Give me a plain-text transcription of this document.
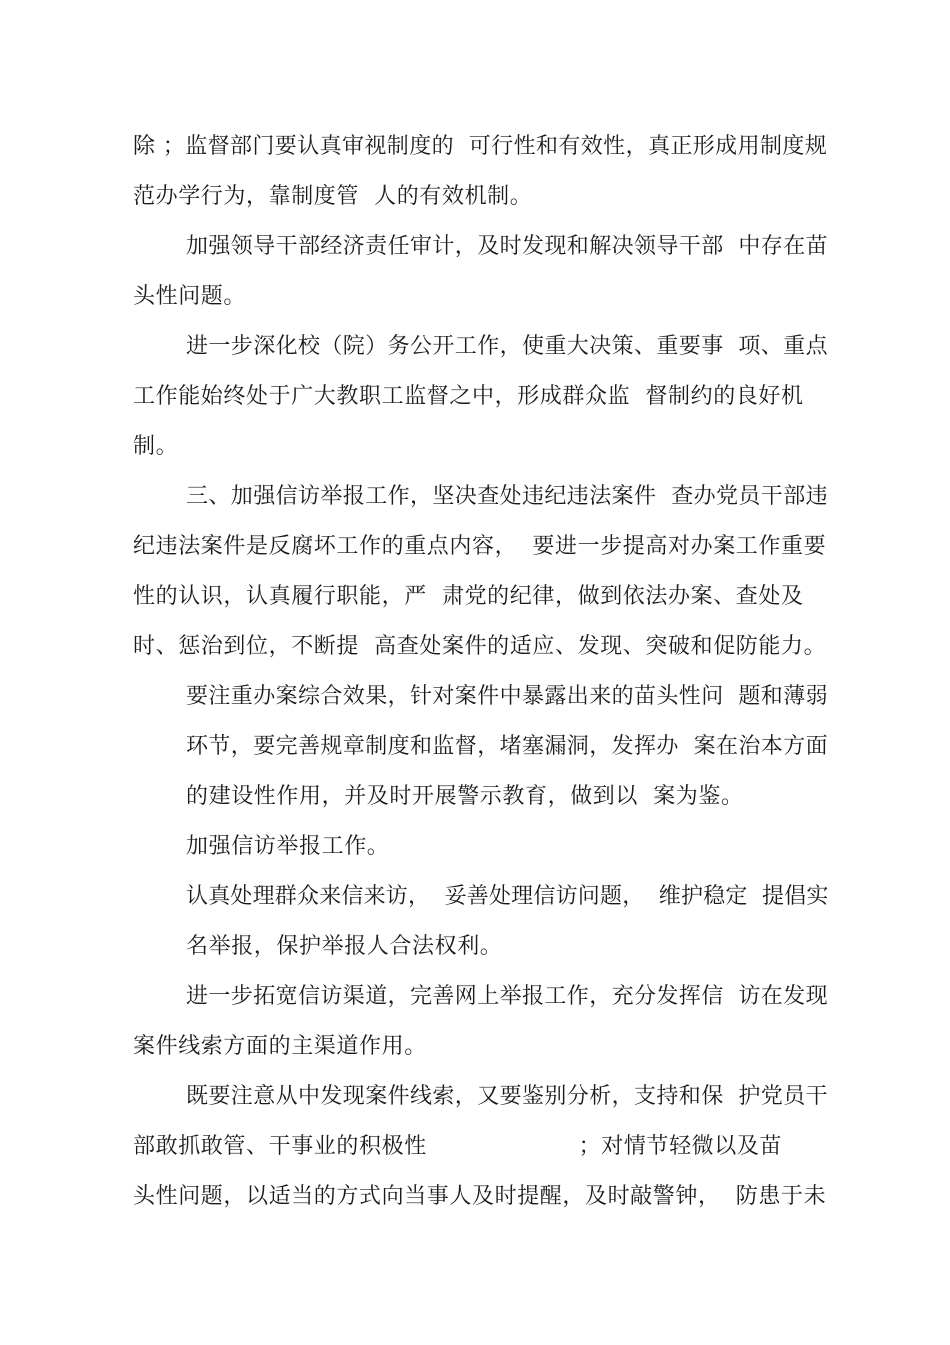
除 ；监督部门要认真审视制度的  可行性和有效性，真正形成用制度规
范办学行为，靠制度管  人的有效机制。
加强领导干部经济责任审计，及时发现和解决领导干部  中存在苗
头性问题。
进一步深化校（院）务公开工作，使重大决策、重要事  项、重点
工作能始终处于广大教职工监督之中，形成群众监  督制约的良好机
制。
三、加强信访举报工作，坚决查处违纪违法案件  查办党员干部违
纪违法案件是反腐坏工作的重点内容，  要进一步提高对办案工作重要
性的认识，认真履行职能，严  肃党的纪律，做到依法办案、查处及
时、惩治到位，不断提  高查处案件的适应、发现、突破和促防能力。
要注重办案综合效果，针对案件中暴露出来的苗头性问  题和薄弱
环节，要完善规章制度和监督，堵塞漏洞，发挥办  案在治本方面
的建设性作用，并及时开展警示教育，做到以  案为鉴。
加强信访举报工作。
认真处理群众来信来访，  妥善处理信访问题，  维护稳定  提倡实
名举报，保护举报人合法权利。
进一步拓宽信访渠道，完善网上举报工作，充分发挥信  访在发现
案件线索方面的主渠道作用。
既要注意从中发现案件线索，又要鉴别分析，支持和保  护党员干
部敢抓敢管、干事业的积极性                    ；对情节轻微以及苗
头性问题，以适当的方式向当事人及时提醒，及时敲警钟，  防患于未
